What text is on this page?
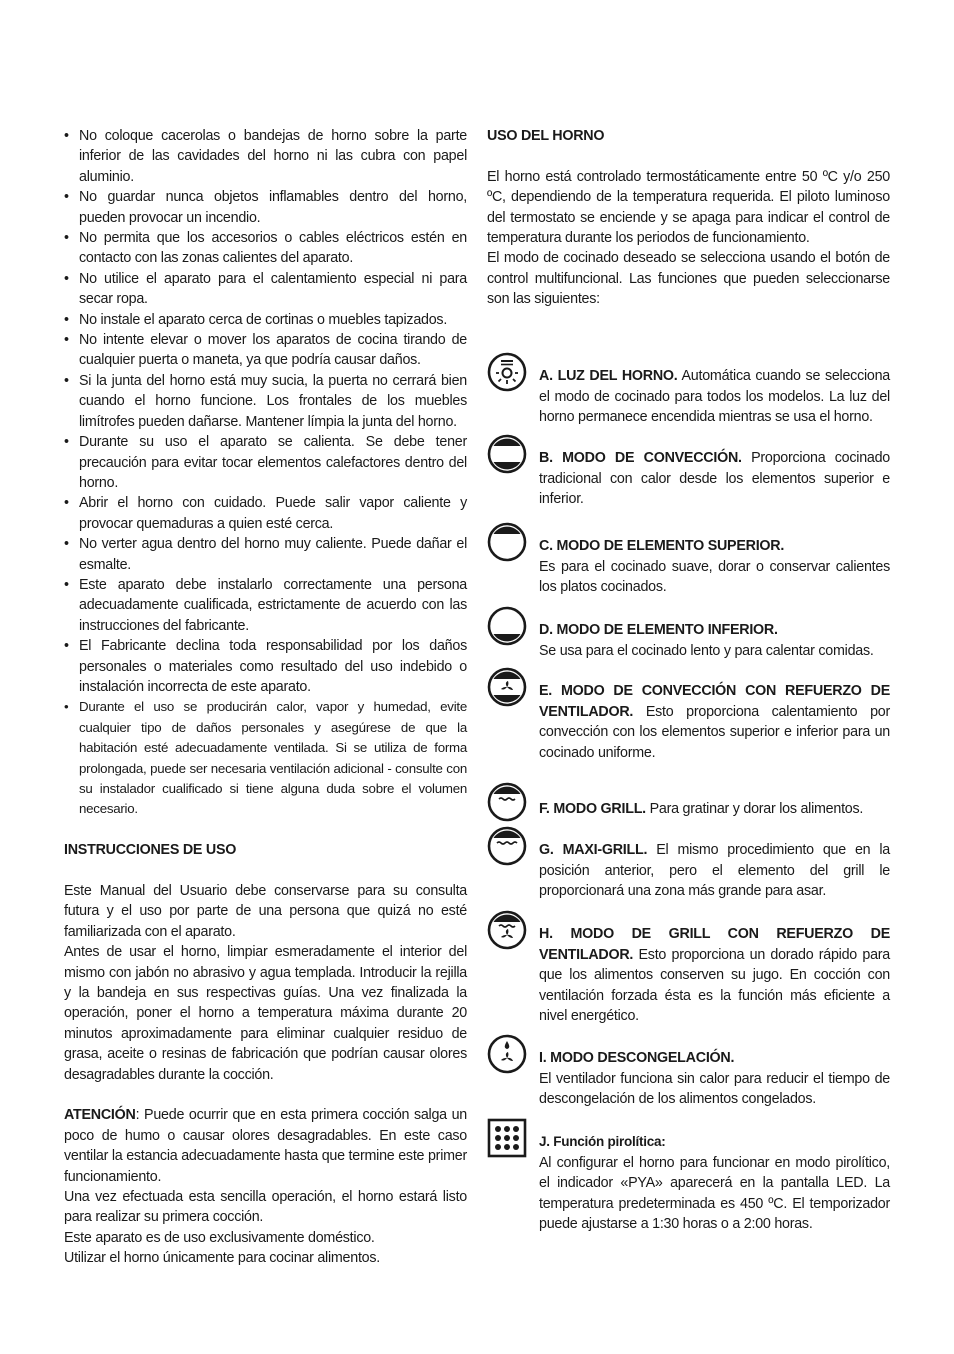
• No coloque cacerolas o bandejas de horno sobre la parte inferior de las cavidades del horno ni las cubra con papel aluminio.
• No guardar nunca objetos inflamables dentro del horno, pueden provocar un incendio.
• No permita que los accesorios o cables eléctricos estén en contacto con las zonas calientes del aparato.
• No utilice el aparato para el calentamiento especial ni para secar ropa.
• No instale el aparato cerca de cortinas o muebles tapizados.
• No intente elevar o mover los aparatos de cocina tirando de cualquier puerta o maneta, ya que podría causar daños.
• Si la junta del horno está muy sucia, la puerta no cerrará bien cuando el horno funcione. Los frontales de los muebles limítrofes pueden dañarse. Mantener límpia la junta del horno.
• Durante su uso el aparato se calienta. Se debe tener precaución para evitar tocar elementos calefactores dentro del horno.
• Abrir el horno con cuidado. Puede salir vapor caliente y provocar quemaduras a quien esté cerca.
• No verter agua dentro del horno muy caliente. Puede dañar el esmalte.
• Este aparato debe instalarlo correctamente una persona adecuadamente cualificada, estrictamente de acuerdo con las instrucciones del fabricante.
• El Fabricante declina toda responsabilidad por los daños personales o materiales como resultado del uso indebido o instalación incorrecta de este aparato.
• Durante el uso se producirán calor, vapor y humedad, evite cualquier tipo de daños personales y asegúrese de que la habitación esté adecuadamente ventilada. Si se utiliza de forma prolongada, puede ser necesaria ventilación adicional - consulte con su instalador cualificado si tiene alguna duda sobre el volumen necesario.

INSTRUCCIONES DE USO

Este Manual del Usuario debe conservarse para su consulta futura y el uso por parte de una persona que quizá no esté familiarizada con el aparato.

Antes de usar el horno, limpiar esmeradamente el interior del mismo con jabón no abrasivo y agua templada. Introducir la rejilla y la bandeja en sus respectivas guías. Una vez finalizada la operación, poner el horno a temperatura máxima durante 20 minutos aproximadamente para eliminar cualquier residuo de grasa, aceite o resinas de fabricación que podrían causar olores desagradables durante la cocción.

ATENCIÓN: Puede ocurrir que en esta primera cocción salga un poco de humo o causar olores desagradables. En este caso ventilar la estancia adecuadamente hasta que termine este primer funcionamiento.

Una vez efectuada esta sencilla operación, el horno estará listo para realizar su primera cocción.

Este aparato es de uso exclusivamente doméstico.

Utilizar el horno únicamente para cocinar alimentos.

USO DEL HORNO

El horno está controlado termostáticamente entre 50 ºC y/o 250 ºC, dependiendo de la temperatura requerida. El piloto luminoso del termostato se enciende y se apaga para indicar el control de temperatura durante los periodos de funcionamiento.

El modo de cocinado deseado se selecciona usando el botón de control multifuncional. Las funciones que pueden seleccionarse son las siguientes:

A. LUZ DEL HORNO. Automática cuando se selecciona el modo de cocinado para todos los modelos. La luz del horno permanece encendida mientras se usa el horno.

B. MODO DE CONVECCIÓN. Proporciona cocinado tradicional con calor desde los elementos superior e inferior.

C. MODO DE ELEMENTO SUPERIOR.
Es para el cocinado suave, dorar o conservar calientes los platos cocinados.

D. MODO DE ELEMENTO INFERIOR.
Se usa para el cocinado lento y para calentar comidas.

E. MODO DE CONVECCIÓN CON REFUERZO DE VENTILADOR. Esto proporciona calentamiento por convección con los elementos superior e inferior para un cocinado uniforme.

F. MODO GRILL. Para gratinar y dorar los alimentos.

G. MAXI-GRILL. El mismo procedimiento que en la posición anterior, pero el elemento del grill le proporcionará una zona más grande para asar.

H. MODO DE GRILL CON REFUERZO DE VENTILADOR. Esto proporciona un dorado rápido para que los alimentos conserven su jugo. En cocción con ventilación forzada ésta es la función más eficiente a nivel energético.

I. MODO DESCONGELACIÓN.
El ventilador funciona sin calor para reducir el tiempo de descongelación de los alimentos congelados.

J. Función pirolítica:
Al configurar el horno para funcionar en modo pirolítico, el indicador «PYA» aparecerá en la pantalla LED. La temperatura predeterminada es 450 ºC. El temporizador puede ajustarse a 1:30 horas o a 2:00 horas.
